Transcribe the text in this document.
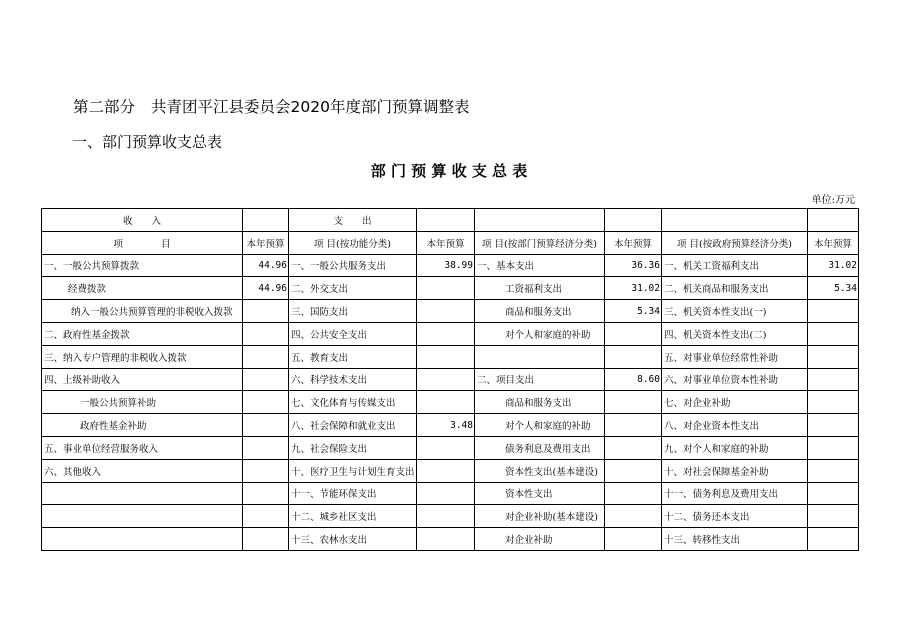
第二部分 共青团平江县委员会2020年度部门预算调整表
一、部门预算收支总表
部 门 预 算 收 支 总 表
单位:万元
收　　入		支　　出					
项　　　　目	本年预算	项 目(按功能分类)	本年预算	项 目(按部门预算经济分类)	本年预算	项 目(按政府预算经济分类)	本年预算
一、一般公共预算拨款	44.96	一、一般公共服务支出	38.99	一、基本支出	36.36	一、机关工资福利支出	31.02
经费拨款	44.96	二、外交支出		工资福利支出	31.02	二、机关商品和服务支出	5.34
纳入一般公共预算管理的非税收入拨款		三、国防支出		商品和服务支出	5.34	三、机关资本性支出(一)	
二、政府性基金拨款		四、公共安全支出		对个人和家庭的补助		四、机关资本性支出(二)	
三、纳入专户管理的非税收入拨款		五、教育支出				五、对事业单位经常性补助	
四、上级补助收入		六、科学技术支出		二、项目支出	8.60	六、对事业单位资本性补助	
一般公共预算补助		七、文化体育与传媒支出		商品和服务支出		七、对企业补助	
政府性基金补助		八、社会保障和就业支出	3.48	对个人和家庭的补助		八、对企业资本性支出	
五、事业单位经营服务收入		九、社会保险支出		债务利息及费用支出		九、对个人和家庭的补助	
六、其他收入		十、医疗卫生与计划生育支出		资本性支出(基本建设)		十、对社会保障基金补助	
		十一、节能环保支出		资本性支出		十一、债务利息及费用支出	
		十二、城乡社区支出		对企业补助(基本建设)		十二、债务还本支出	
		十三、农林水支出		对企业补助		十三、转移性支出	
